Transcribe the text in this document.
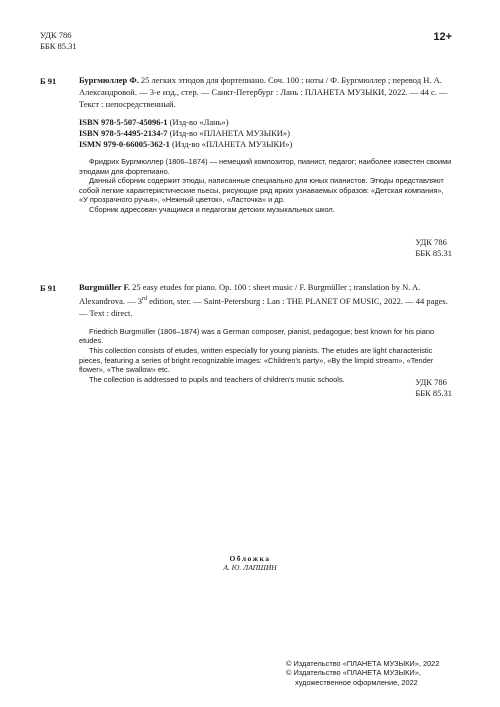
УДК 786
ББК 85.31
12+
Б 91	Бургмюллер Ф. 25 легких этюдов для фортепиано. Соч. 100 : ноты / Ф. Бургмюллер ; перевод Н. А. Александровой. — 3-е изд., стер. — Санкт-Петербург : Лань : ПЛАНЕТА МУЗЫКИ, 2022. — 44 с. — Текст : непосредственный.
ISBN 978-5-507-45096-1 (Изд-во «Лань»)
ISBN 978-5-4495-2134-7 (Изд-во «ПЛАНЕТА МУЗЫКИ»)
ISMN 979-0-66005-362-1 (Изд-во «ПЛАНЕТА МУЗЫКИ»)

Фридрих Бургмюллер (1806–1874) — немецкий композитор, пианист, педагог; наиболее известен своими этюдами для фортепиано.

Данный сборник содержит этюды, написанные специально для юных пианистов. Этюды представляют собой легкие характеристические пьесы, рисующие ряд ярких узнаваемых образов: «Детская компания», «У прозрачного ручья», «Нежный цветок», «Ласточка» и др.

Сборник адресован учащимся и педагогам детских музыкальных школ.

УДК 786
ББК 85.31
Б 91	Burgmüller F. 25 easy etudes for piano. Op. 100 : sheet music / F. Burgmüller ; translation by N. A. Alexandrova. — 3rd edition, ster. — Saint-Petersburg : Lan : THE PLANET OF MUSIC, 2022. — 44 pages. — Text : direct.

Friedrich Burgmüller (1806–1874) was a German composer, pianist, pedagogue; best known for his piano etudes.

This collection consists of etudes, written especially for young pianists. The etudes are light characteristic pieces, featuring a series of bright recognizable images: «Children's party», «By the limpid stream», «Tender flower», «The swallow» etc.

The collection is addressed to pupils and teachers of children's music schools.	УДК 786
ББК 85.31
Обложка
А. Ю. ЛАПШИН
© Издательство «ПЛАНЕТА МУЗЫКИ», 2022
© Издательство «ПЛАНЕТА МУЗЫКИ»,
художественное оформление, 2022
